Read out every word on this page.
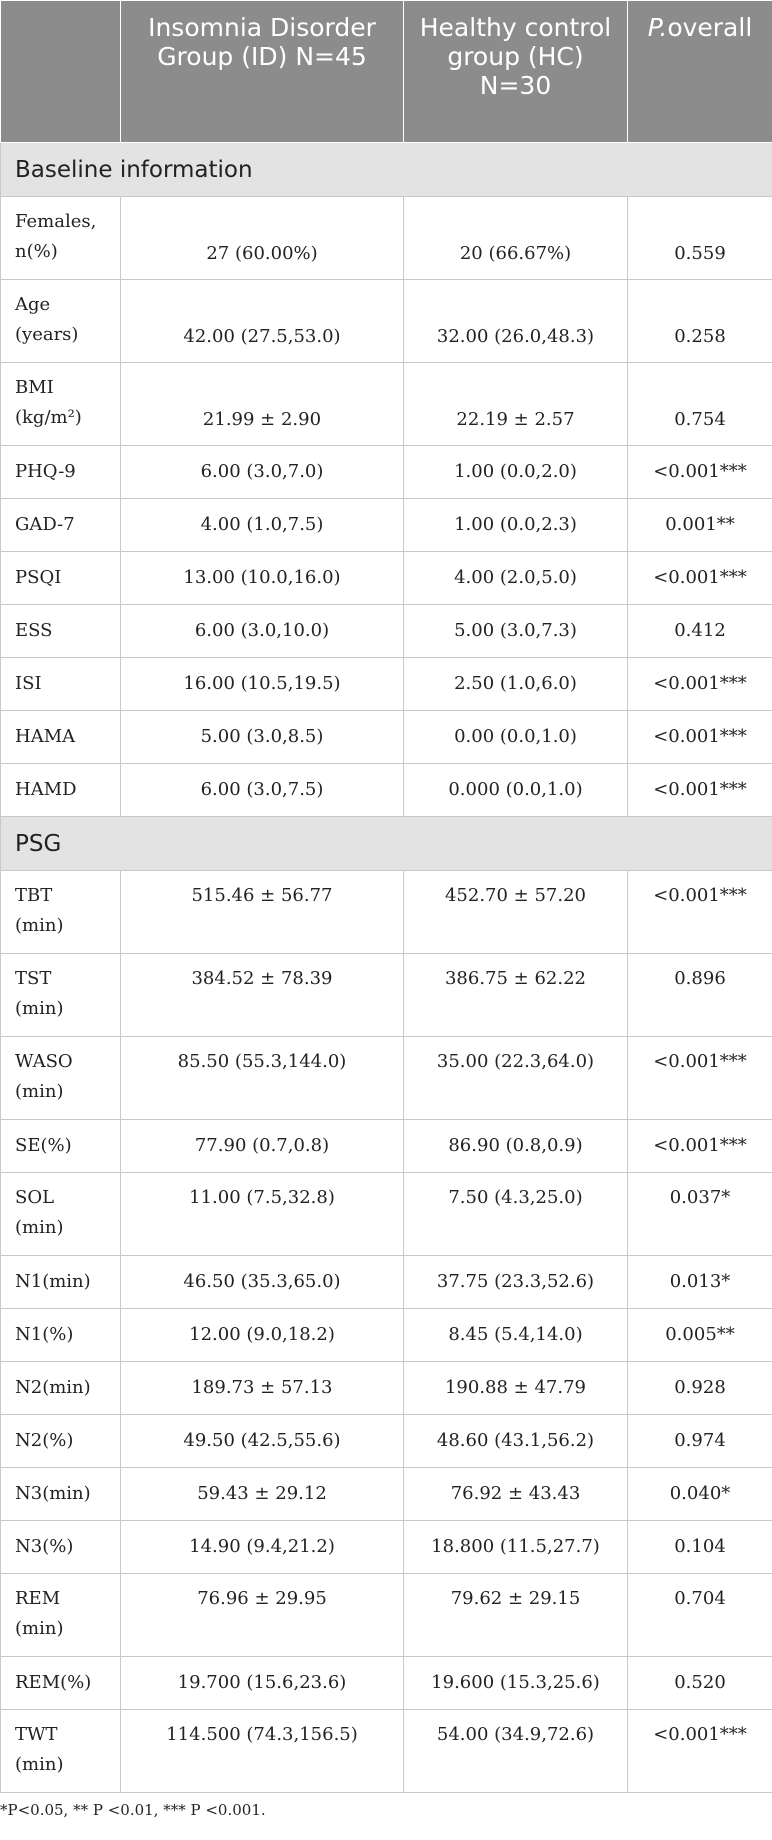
	Insomnia Disorder Group (ID) N=45	Healthy control group (HC)
N=30	P.overall
Baseline information			
Females,
n(%)	27 (60.00%)	20 (66.67%)	0.559
Age
(years)	42.00 (27.5,53.0)	32.00 (26.0,48.3)	0.258
BMI
(kg/m²)	21.99 ± 2.90	22.19 ± 2.57	0.754
PHQ-9	6.00 (3.0,7.0)	1.00 (0.0,2.0)	<0.001***
GAD-7	4.00 (1.0,7.5)	1.00 (0.0,2.3)	0.001**
PSQI	13.00 (10.0,16.0)	4.00 (2.0,5.0)	<0.001***
ESS	6.00 (3.0,10.0)	5.00 (3.0,7.3)	0.412
ISI	16.00 (10.5,19.5)	2.50 (1.0,6.0)	<0.001***
HAMA	5.00 (3.0,8.5)	0.00 (0.0,1.0)	<0.001***
HAMD	6.00 (3.0,7.5)	0.000 (0.0,1.0)	<0.001***
PSG			
TBT
(min)	515.46 ± 56.77	452.70 ± 57.20	<0.001***
TST
(min)	384.52 ± 78.39	386.75 ± 62.22	0.896
WASO
(min)	85.50 (55.3,144.0)	35.00 (22.3,64.0)	<0.001***
SE(%)	77.90 (0.7,0.8)	86.90 (0.8,0.9)	<0.001***
SOL
(min)	11.00 (7.5,32.8)	7.50 (4.3,25.0)	0.037*
N1(min)	46.50 (35.3,65.0)	37.75 (23.3,52.6)	0.013*
N1(%)	12.00 (9.0,18.2)	8.45 (5.4,14.0)	0.005**
N2(min)	189.73 ± 57.13	190.88 ± 47.79	0.928
N2(%)	49.50 (42.5,55.6)	48.60 (43.1,56.2)	0.974
N3(min)	59.43 ± 29.12	76.92 ± 43.43	0.040*
N3(%)	14.90 (9.4,21.2)	18.800 (11.5,27.7)	0.104
REM
(min)	76.96 ± 29.95	79.62 ± 29.15	0.704
REM(%)	19.700 (15.6,23.6)	19.600 (15.3,25.6)	0.520
TWT
(min)	114.500 (74.3,156.5)	54.00 (34.9,72.6)	<0.001***
*P<0.05, ** P <0.01, *** P <0.001.
